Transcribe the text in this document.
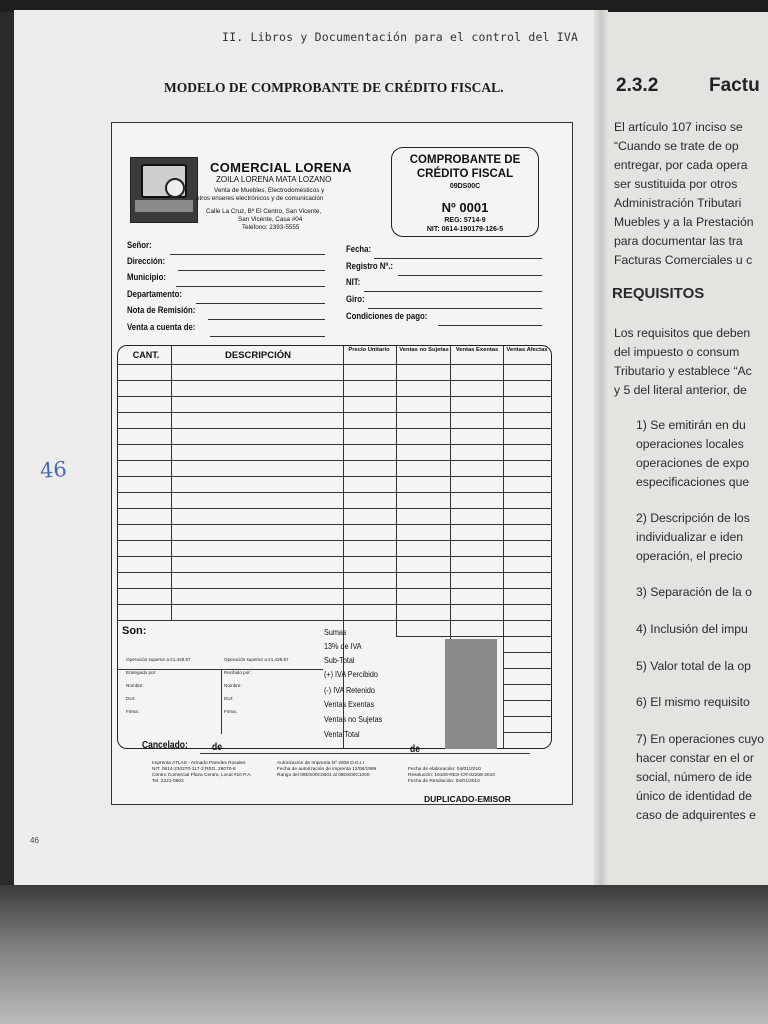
2.3.2	Factu
El artículo 107 inciso se
“Cuando se trate de op
entregar, por cada opera
ser sustituida por otros
Administración Tributari
Muebles y a la Prestación
para documentar las tra
Facturas Comerciales u c
REQUISITOS
Los requisitos que deben
del impuesto o consum
Tributario y establece “Ac
y 5 del literal anterior, de
1) Se emitirán en du
operaciones locales
operaciones de expo
especificaciones que
2) Descripción de los
individualizar e iden
operación, el precio
3) Separación de la o
4) Inclusión del impu
5) Valor total de la op
6) El mismo requisito
7) En operaciones cuyo
hacer constar en el or
social, número de ide
único de identidad de
caso de adquirentes e
II. Libros y Documentación para el control del IVA
MODELO DE COMPROBANTE DE CRÉDITO FISCAL.
46
46
COMERCIAL LORENA
ZOILA LORENA MATA LOZANO
Venta de Muebles, Electrodomésticos y
otros enseres electrónicos y de comunicación
Calle La Cruz, Bº El Centro, San Vicente,
San Vicente, Casa #04
Teléfono: 2393-5555
COMPROBANTE DE
CRÉDITO FISCAL
09DS00C
Nº 0001
REG: 5714-9
NIT: 0614-190179-126-5
Señor:
Dirección:
Municipio:
Departamento:
Nota de Remisión:
Venta a cuenta de:
Fecha:
Registro Nº.:
NIT:
Giro:
Condiciones de pago:
CANT.	DESCRIPCIÓN	Precio Unitario	Ventas no Sujetas	Ventas Exentas	Ventas Afectas
Son:	Sumas
13% de IVA
Sub-Total
(+) IVA Percibido
(-) IVA Retenido
Ventas Exentas
Ventas no Sujetas
Venta Total
Operación superior a ¢1,428.57
Entregado por:
Nombre:
DUI:
Firma:
Operación superior a ¢1,428.57
Recibido por:
Nombre:
DUI:
Firma:
Cancelado: de	de
Imprenta ATLAS - Armado Paredes Rosales
NIT. 0614-230270-117-3 REG. 26070-8
Centro Comercial Plaza Centro, Local #10 P.A.
Tel. 2221-0602
Autorización de Imprenta Nº 2006 D.G.I.I
Fecha de autorización de imprenta 12/08/1999
Rango del 09DS00C0001 al 09DS00C1000
Fecha de elaboración: 04/01/2010
Resolución: 16106-RES-CR-02269-2010
Fecha de Resolución: 04/01/2010
DUPLICADO-EMISOR
